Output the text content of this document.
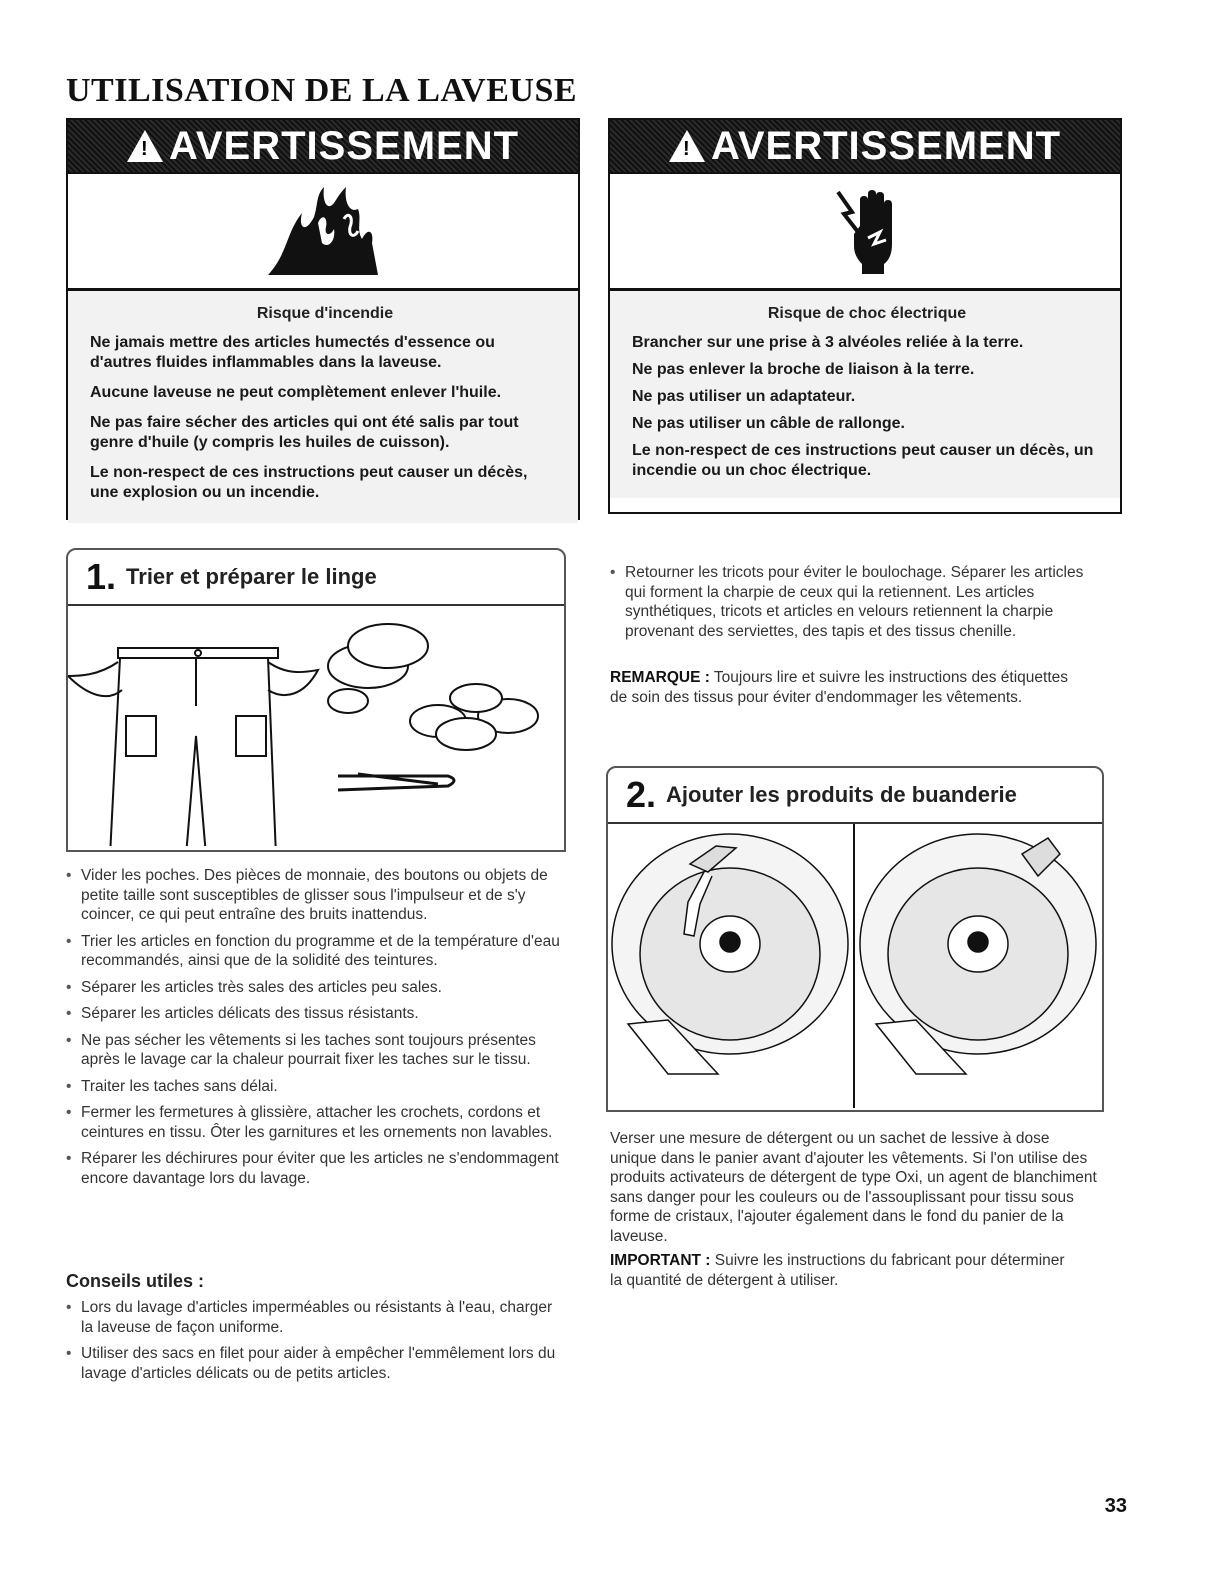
UTILISATION DE LA LAVEUSE
! AVERTISSEMENT
Risque d'incendie

Ne jamais mettre des articles humectés d'essence ou d'autres fluides inflammables dans la laveuse.

Aucune laveuse ne peut complètement enlever l'huile.

Ne pas faire sécher des articles qui ont été salis par tout genre d'huile (y compris les huiles de cuisson).

Le non-respect de ces instructions peut causer un décès, une explosion ou un incendie.

! AVERTISSEMENT
Risque de choc électrique

Brancher sur une prise à 3 alvéoles reliée à la terre.

Ne pas enlever la broche de liaison à la terre.

Ne pas utiliser un adaptateur.

Ne pas utiliser un câble de rallonge.

Le non-respect de ces instructions peut causer un décès, un incendie ou un choc électrique.

1. Trier et préparer le linge
• Vider les poches. Des pièces de monnaie, des boutons ou objets de petite taille sont susceptibles de glisser sous l'impulseur et de s'y coincer, ce qui peut entraîne des bruits inattendus.
• Trier les articles en fonction du programme et de la température d'eau recommandés, ainsi que de la solidité des teintures.
• Séparer les articles très sales des articles peu sales.
• Séparer les articles délicats des tissus résistants.
• Ne pas sécher les vêtements si les taches sont toujours présentes après le lavage car la chaleur pourrait fixer les taches sur le tissu.
• Traiter les taches sans délai.
• Fermer les fermetures à glissière, attacher les crochets, cordons et ceintures en tissu. Ôter les garnitures et les ornements non lavables.
• Réparer les déchirures pour éviter que les articles ne s'endommagent encore davantage lors du lavage.
Conseils utiles :
• Lors du lavage d'articles imperméables ou résistants à l'eau, charger la laveuse de façon uniforme.
• Utiliser des sacs en filet pour aider à empêcher l'emmêlement lors du lavage d'articles délicats ou de petits articles.
• Retourner les tricots pour éviter le boulochage. Séparer les articles qui forment la charpie de ceux qui la retiennent. Les articles synthétiques, tricots et articles en velours retiennent la charpie provenant des serviettes, des tapis et des tissus chenille.

REMARQUE : Toujours lire et suivre les instructions des étiquettes de soin des tissus pour éviter d'endommager les vêtements.

2. Ajouter les produits de buanderie

Verser une mesure de détergent ou un sachet de lessive à dose unique dans le panier avant d'ajouter les vêtements. Si l'on utilise des produits activateurs de détergent de type Oxi, un agent de blanchiment sans danger pour les couleurs ou de l'assouplissant pour tissu sous forme de cristaux, l'ajouter également dans le fond du panier de la laveuse.

IMPORTANT : Suivre les instructions du fabricant pour déterminer la quantité de détergent à utiliser.

33
